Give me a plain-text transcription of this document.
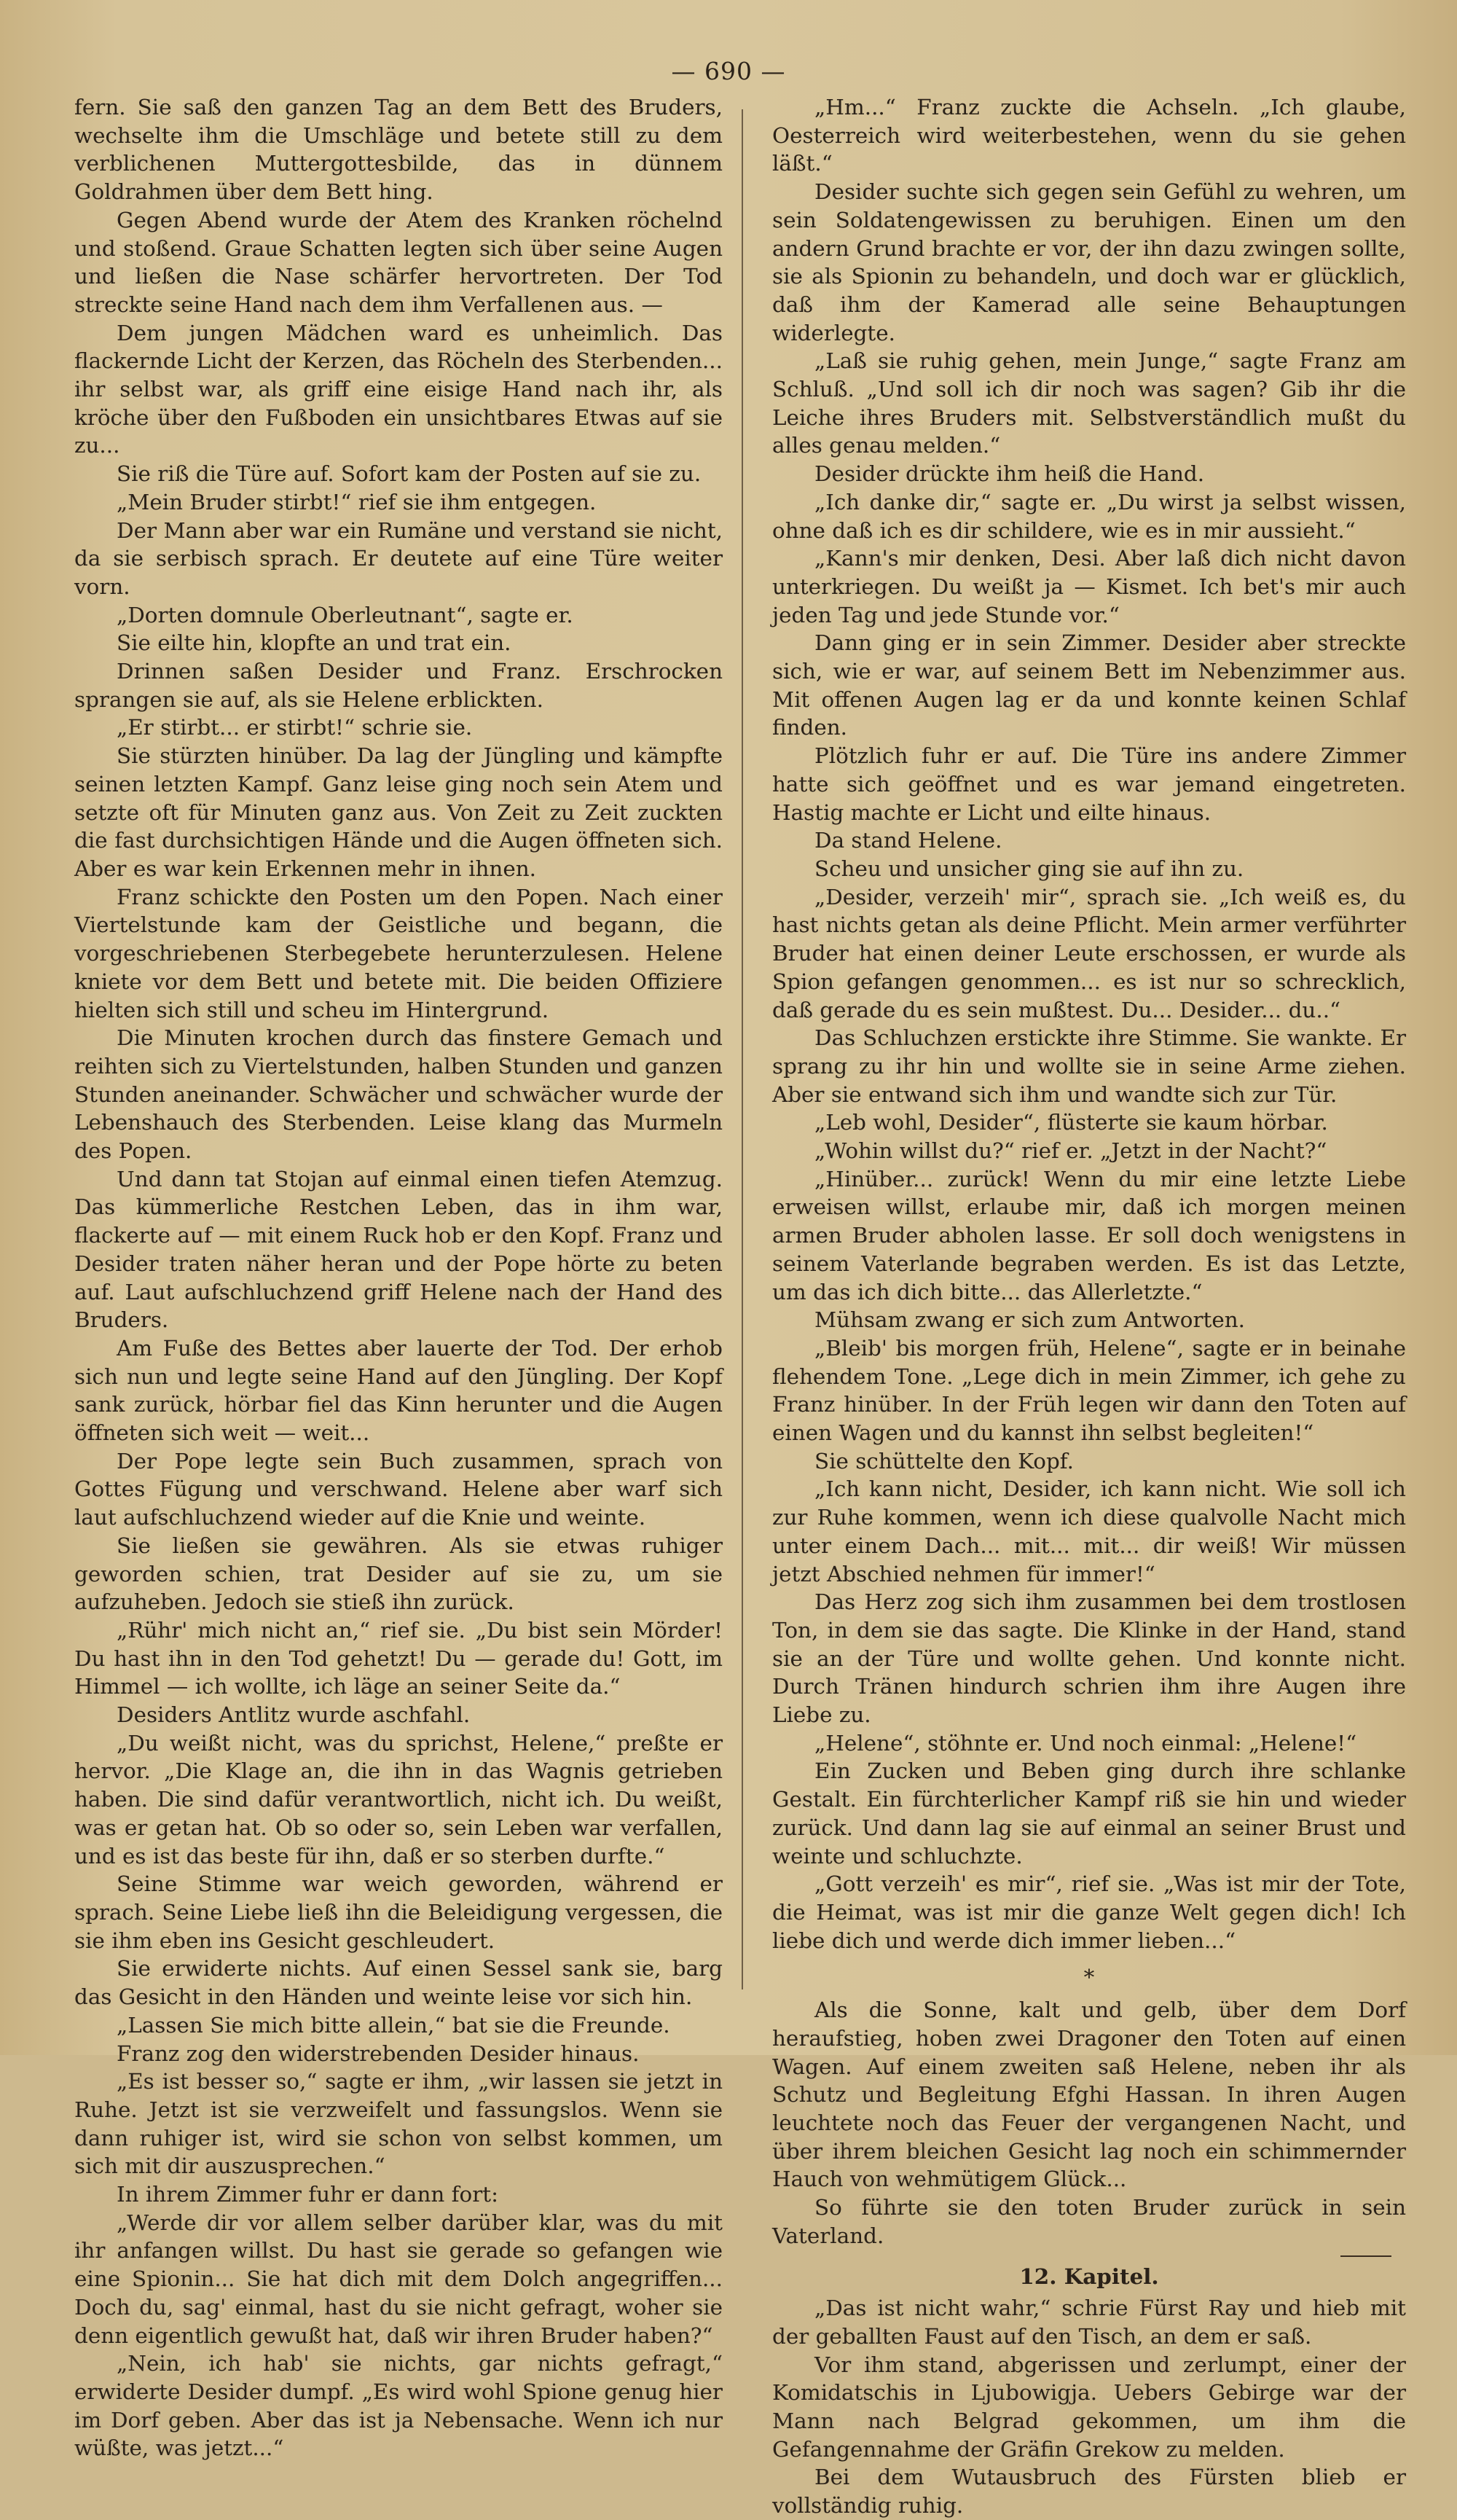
— 690 —

fern. Sie saß den ganzen Tag an dem Bett des Bruders, wechselte ihm die Umschläge und betete still zu dem verblichenen Muttergottesbilde, das in dünnem Goldrahmen über dem Bett hing.

Gegen Abend wurde der Atem des Kranken röchelnd und stoßend. Graue Schatten legten sich über seine Augen und ließen die Nase schärfer hervortreten. Der Tod streckte seine Hand nach dem ihm Verfallenen aus. —

Dem jungen Mädchen ward es unheimlich. Das flackernde Licht der Kerzen, das Röcheln des Sterbenden... ihr selbst war, als griff eine eisige Hand nach ihr, als kröche über den Fußboden ein unsichtbares Etwas auf sie zu...

Sie riß die Türe auf. Sofort kam der Posten auf sie zu.

„Mein Bruder stirbt!“ rief sie ihm entgegen.

Der Mann aber war ein Rumäne und verstand sie nicht, da sie serbisch sprach. Er deutete auf eine Türe weiter vorn.

„Dorten domnule Oberleutnant“, sagte er.

Sie eilte hin, klopfte an und trat ein.

Drinnen saßen Desider und Franz. Erschrocken sprangen sie auf, als sie Helene erblickten.

„Er stirbt... er stirbt!“ schrie sie.

Sie stürzten hinüber. Da lag der Jüngling und kämpfte seinen letzten Kampf. Ganz leise ging noch sein Atem und setzte oft für Minuten ganz aus. Von Zeit zu Zeit zuckten die fast durchsichtigen Hände und die Augen öffneten sich. Aber es war kein Erkennen mehr in ihnen.

Franz schickte den Posten um den Popen. Nach einer Viertelstunde kam der Geistliche und begann, die vorgeschriebenen Sterbegebete herunterzulesen. Helene kniete vor dem Bett und betete mit. Die beiden Offiziere hielten sich still und scheu im Hintergrund.

Die Minuten krochen durch das finstere Gemach und reihten sich zu Viertelstunden, halben Stunden und ganzen Stunden aneinander. Schwächer und schwächer wurde der Lebenshauch des Sterbenden. Leise klang das Murmeln des Popen.

Und dann tat Stojan auf einmal einen tiefen Atemzug. Das kümmerliche Restchen Leben, das in ihm war, flackerte auf — mit einem Ruck hob er den Kopf. Franz und Desider traten näher heran und der Pope hörte zu beten auf. Laut aufschluchzend griff Helene nach der Hand des Bruders.

Am Fuße des Bettes aber lauerte der Tod. Der erhob sich nun und legte seine Hand auf den Jüngling. Der Kopf sank zurück, hörbar fiel das Kinn herunter und die Augen öffneten sich weit — weit...

Der Pope legte sein Buch zusammen, sprach von Gottes Fügung und verschwand. Helene aber warf sich laut aufschluchzend wieder auf die Knie und weinte.

Sie ließen sie gewähren. Als sie etwas ruhiger geworden schien, trat Desider auf sie zu, um sie aufzuheben. Jedoch sie stieß ihn zurück.

„Rühr' mich nicht an,“ rief sie. „Du bist sein Mörder! Du hast ihn in den Tod gehetzt! Du — gerade du! Gott, im Himmel — ich wollte, ich läge an seiner Seite da.“

Desiders Antlitz wurde aschfahl.

„Du weißt nicht, was du sprichst, Helene,“ preßte er hervor. „Die Klage an, die ihn in das Wagnis getrieben haben. Die sind dafür verantwortlich, nicht ich. Du weißt, was er getan hat. Ob so oder so, sein Leben war verfallen, und es ist das beste für ihn, daß er so sterben durfte.“

Seine Stimme war weich geworden, während er sprach. Seine Liebe ließ ihn die Beleidigung vergessen, die sie ihm eben ins Gesicht geschleudert.

Sie erwiderte nichts. Auf einen Sessel sank sie, barg das Gesicht in den Händen und weinte leise vor sich hin.

„Lassen Sie mich bitte allein,“ bat sie die Freunde.

Franz zog den widerstrebenden Desider hinaus.

„Es ist besser so,“ sagte er ihm, „wir lassen sie jetzt in Ruhe. Jetzt ist sie verzweifelt und fassungslos. Wenn sie dann ruhiger ist, wird sie schon von selbst kommen, um sich mit dir auszusprechen.“

In ihrem Zimmer fuhr er dann fort:

„Werde dir vor allem selber darüber klar, was du mit ihr anfangen willst. Du hast sie gerade so gefangen wie eine Spionin... Sie hat dich mit dem Dolch angegriffen... Doch du, sag' einmal, hast du sie nicht gefragt, woher sie denn eigentlich gewußt hat, daß wir ihren Bruder haben?“

„Nein, ich hab' sie nichts, gar nichts gefragt,“ erwiderte Desider dumpf. „Es wird wohl Spione genug hier im Dorf geben. Aber das ist ja Nebensache. Wenn ich nur wüßte, was jetzt...“

„Hm...“ Franz zuckte die Achseln. „Ich glaube, Oesterreich wird weiterbestehen, wenn du sie gehen läßt.“

Desider suchte sich gegen sein Gefühl zu wehren, um sein Soldatengewissen zu beruhigen. Einen um den andern Grund brachte er vor, der ihn dazu zwingen sollte, sie als Spionin zu behandeln, und doch war er glücklich, daß ihm der Kamerad alle seine Behauptungen widerlegte.

„Laß sie ruhig gehen, mein Junge,“ sagte Franz am Schluß. „Und soll ich dir noch was sagen? Gib ihr die Leiche ihres Bruders mit. Selbstverständlich mußt du alles genau melden.“

Desider drückte ihm heiß die Hand.

„Ich danke dir,“ sagte er. „Du wirst ja selbst wissen, ohne daß ich es dir schildere, wie es in mir aussieht.“

„Kann's mir denken, Desi. Aber laß dich nicht davon unterkriegen. Du weißt ja — Kismet. Ich bet's mir auch jeden Tag und jede Stunde vor.“

Dann ging er in sein Zimmer. Desider aber streckte sich, wie er war, auf seinem Bett im Nebenzimmer aus. Mit offenen Augen lag er da und konnte keinen Schlaf finden.

Plötzlich fuhr er auf. Die Türe ins andere Zimmer hatte sich geöffnet und es war jemand eingetreten. Hastig machte er Licht und eilte hinaus.

Da stand Helene.

Scheu und unsicher ging sie auf ihn zu.

„Desider, verzeih' mir“, sprach sie. „Ich weiß es, du hast nichts getan als deine Pflicht. Mein armer verführter Bruder hat einen deiner Leute erschossen, er wurde als Spion gefangen genommen... es ist nur so schrecklich, daß gerade du es sein mußtest. Du... Desider... du..“

Das Schluchzen erstickte ihre Stimme. Sie wankte. Er sprang zu ihr hin und wollte sie in seine Arme ziehen. Aber sie entwand sich ihm und wandte sich zur Tür.

„Leb wohl, Desider“, flüsterte sie kaum hörbar.

„Wohin willst du?“ rief er. „Jetzt in der Nacht?“

„Hinüber... zurück! Wenn du mir eine letzte Liebe erweisen willst, erlaube mir, daß ich morgen meinen armen Bruder abholen lasse. Er soll doch wenigstens in seinem Vaterlande begraben werden. Es ist das Letzte, um das ich dich bitte... das Allerletzte.“

Mühsam zwang er sich zum Antworten.

„Bleib' bis morgen früh, Helene“, sagte er in beinahe flehendem Tone. „Lege dich in mein Zimmer, ich gehe zu Franz hinüber. In der Früh legen wir dann den Toten auf einen Wagen und du kannst ihn selbst begleiten!“

Sie schüttelte den Kopf.

„Ich kann nicht, Desider, ich kann nicht. Wie soll ich zur Ruhe kommen, wenn ich diese qualvolle Nacht mich unter einem Dach... mit... mit... dir weiß! Wir müssen jetzt Abschied nehmen für immer!“

Das Herz zog sich ihm zusammen bei dem trostlosen Ton, in dem sie das sagte. Die Klinke in der Hand, stand sie an der Türe und wollte gehen. Und konnte nicht. Durch Tränen hindurch schrien ihm ihre Augen ihre Liebe zu.

„Helene“, stöhnte er. Und noch einmal: „Helene!“

Ein Zucken und Beben ging durch ihre schlanke Gestalt. Ein fürchterlicher Kampf riß sie hin und wieder zurück. Und dann lag sie auf einmal an seiner Brust und weinte und schluchzte.

„Gott verzeih' es mir“, rief sie. „Was ist mir der Tote, die Heimat, was ist mir die ganze Welt gegen dich! Ich liebe dich und werde dich immer lieben...“

*

Als die Sonne, kalt und gelb, über dem Dorf heraufstieg, hoben zwei Dragoner den Toten auf einen Wagen. Auf einem zweiten saß Helene, neben ihr als Schutz und Begleitung Efghi Hassan. In ihren Augen leuchtete noch das Feuer der vergangenen Nacht, und über ihrem bleichen Gesicht lag noch ein schimmernder Hauch von wehmütigem Glück...

So führte sie den toten Bruder zurück in sein Vaterland.

12. Kapitel.

„Das ist nicht wahr,“ schrie Fürst Ray und hieb mit der geballten Faust auf den Tisch, an dem er saß.

Vor ihm stand, abgerissen und zerlumpt, einer der Komidatschis in Ljubowigja. Uebers Gebirge war der Mann nach Belgrad gekommen, um ihm die Gefangennahme der Gräfin Grekow zu melden.

Bei dem Wutausbruch des Fürsten blieb er vollständig ruhig.
